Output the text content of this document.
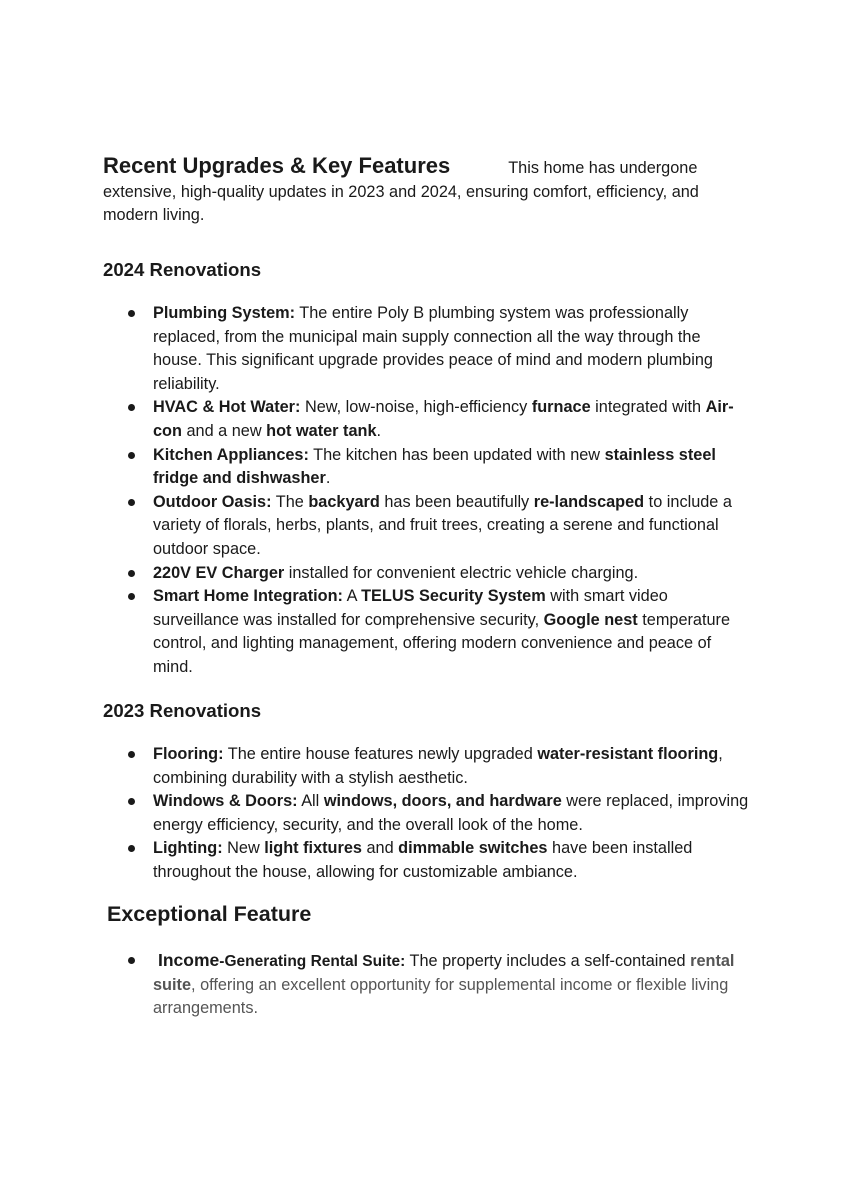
Recent Upgrades & Key Features	This home has undergone extensive, high-quality updates in 2023 and 2024, ensuring comfort, efficiency, and modern living.
2024 Renovations
Plumbing System: The entire Poly B plumbing system was professionally replaced, from the municipal main supply connection all the way through the house. This significant upgrade provides peace of mind and modern plumbing reliability.
HVAC & Hot Water: New, low-noise, high-efficiency furnace integrated with Air-con and a new hot water tank.
Kitchen Appliances: The kitchen has been updated with new stainless steel fridge and dishwasher.
Outdoor Oasis: The backyard has been beautifully re-landscaped to include a variety of florals, herbs, plants, and fruit trees, creating a serene and functional outdoor space.
220V EV Charger installed for convenient electric vehicle charging.
Smart Home Integration: A TELUS Security System with smart video surveillance was installed for comprehensive security, Google nest temperature control, and lighting management, offering modern convenience and peace of mind.
2023 Renovations
Flooring: The entire house features newly upgraded water-resistant flooring, combining durability with a stylish aesthetic.
Windows & Doors: All windows, doors, and hardware were replaced, improving energy efficiency, security, and the overall look of the home.
Lighting: New light fixtures and dimmable switches have been installed throughout the house, allowing for customizable ambiance.
Exceptional Feature
Income-Generating Rental Suite: The property includes a self-contained rental suite, offering an excellent opportunity for supplemental income or flexible living arrangements.
